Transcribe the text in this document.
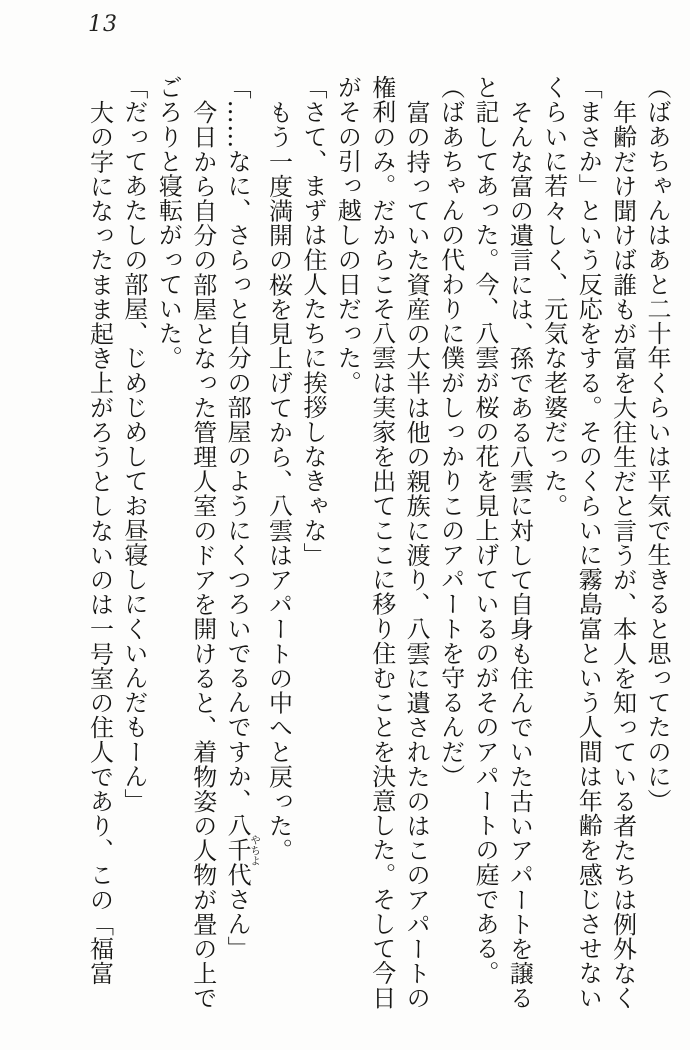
13

（ばあちゃんはあと二十年くらいは平気で生きると思ってたのに）

年齢だけ聞けば誰もが富を大往生だと言うが、本人を知っている者たちは例外なく「まさか」という反応をする。そのくらいに霧島富という人間は年齢を感じさせないくらいに若々しく、元気な老婆だった。

そんな富の遺言には、孫である八雲に対して自身も住んでいた古いアパートを譲ると記してあった。今、八雲が桜の花を見上げているのがそのアパートの庭である。

（ばあちゃんの代わりに僕がしっかりこのアパートを守るんだ）

富の持っていた資産の大半は他の親族に渡り、八雲に遺されたのはこのアパートの権利のみ。だからこそ八雲は実家を出てここに移り住むことを決意した。そして今日がその引っ越しの日だった。

「さて、まずは住人たちに挨拶しなきゃな」

もう一度満開の桜を見上げてから、八雲はアパートの中へと戻った。

「……なに、さらっと自分の部屋のようにくつろいでるんですか、八千代やちよさん」

今日から自分の部屋となった管理人室のドアを開けると、着物姿の人物が畳の上でごろりと寝転がっていた。

「だってあたしの部屋、じめじめしてお昼寝しにくいんだもーん」

大の字になったまま起き上がろうとしないのは一号室の住人であり、この「福富
